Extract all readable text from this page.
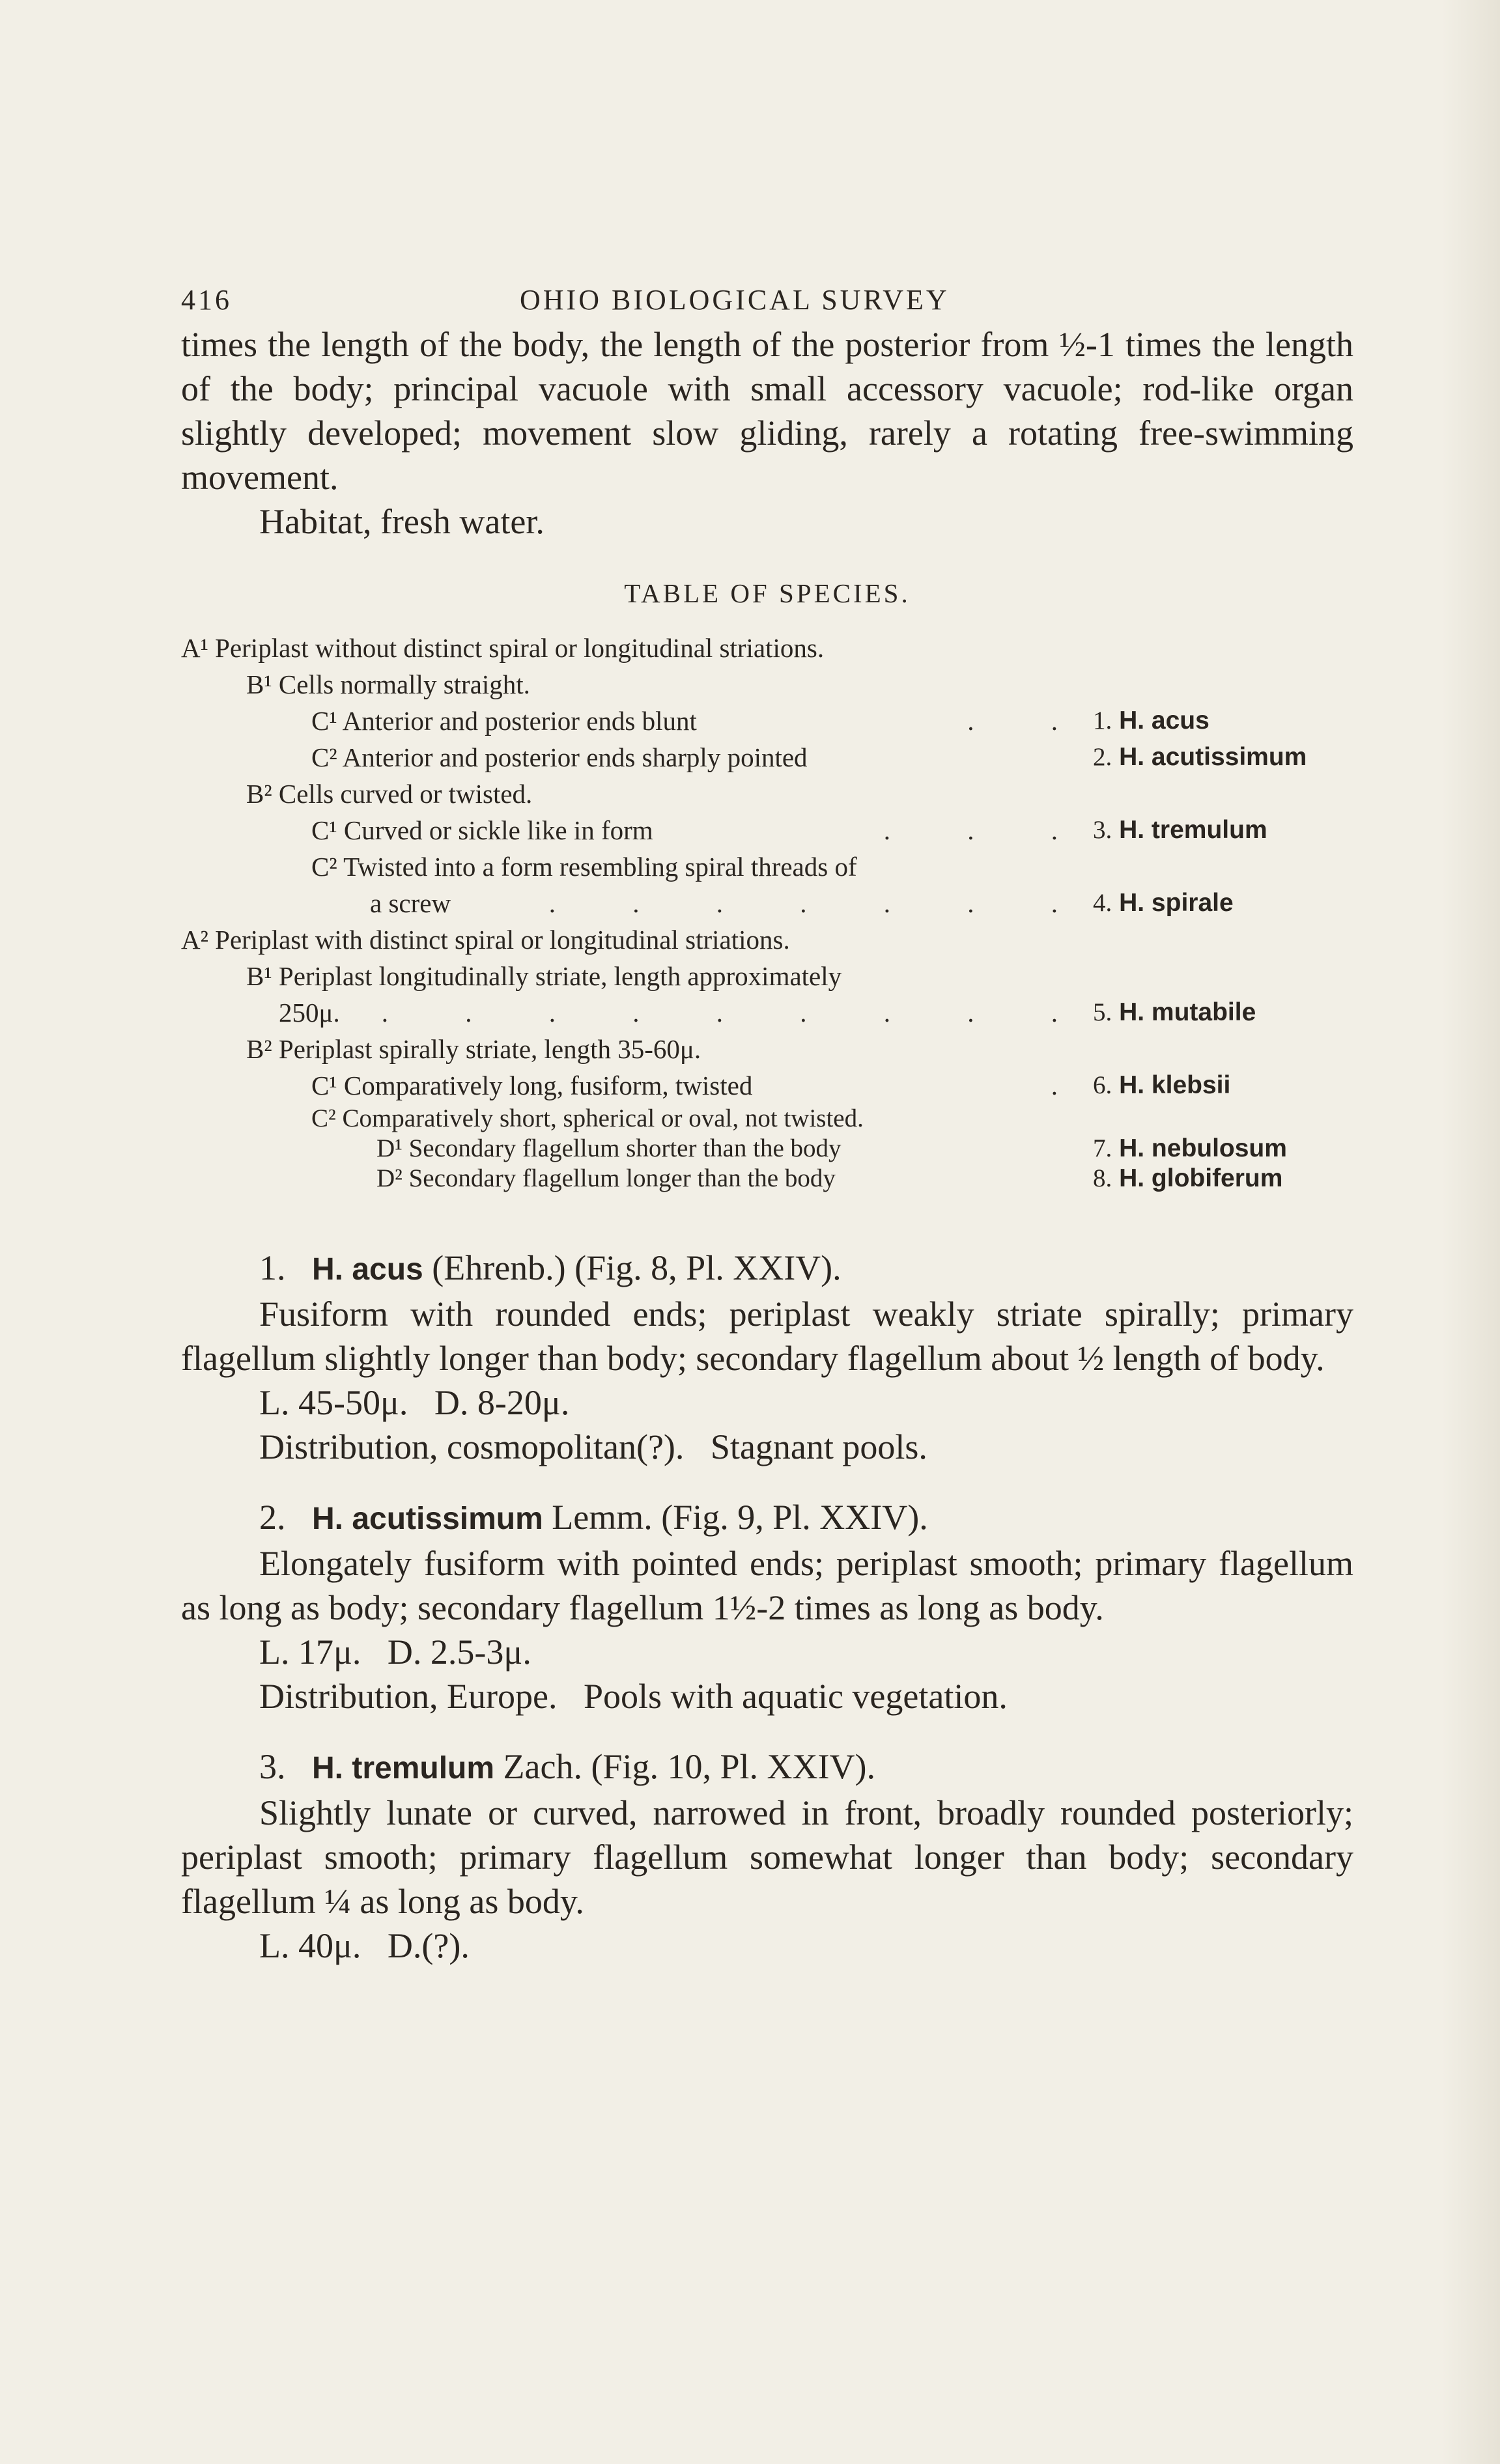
416	OHIO BIOLOGICAL SURVEY

times the length of the body, the length of the posterior from ½-1 times the length of the body; principal vacuole with small accessory vacuole; rod-like organ slightly developed; movement slow gliding, rarely a rotating free-swimming movement.

Habitat, fresh water.

TABLE OF SPECIES.
A¹ Periplast without distinct spiral or longitudinal striations.
B¹ Cells normally straight.
C¹ Anterior and posterior ends blunt	. . 1. H. acus
C² Anterior and posterior ends sharply pointed	2. H. acutissimum
B² Cells curved or twisted.
C¹ Curved or sickle like in form	. . . 3. H. tremulum
C² Twisted into a form resembling spiral threads of
a screw	. . . . . . . 4. H. spirale
A² Periplast with distinct spiral or longitudinal striations.
B¹ Periplast longitudinally striate, length approximately
250μ. . . . . . . . . . 5. H. mutabile
B² Periplast spirally striate, length 35-60μ.
C¹ Comparatively long, fusiform, twisted	. 6. H. klebsii
C² Comparatively short, spherical or oval, not twisted.
D¹ Secondary flagellum shorter than the body	7. H. nebulosum
D² Secondary flagellum longer than the body	8. H. globiferum

1. H. acus (Ehrenb.) (Fig. 8, Pl. XXIV).

Fusiform with rounded ends; periplast weakly striate spirally; primary flagellum slightly longer than body; secondary flagellum about ½ length of body.

L. 45-50μ.   D. 8-20μ.

Distribution, cosmopolitan(?).   Stagnant pools.

2. H. acutissimum Lemm. (Fig. 9, Pl. XXIV).

Elongately fusiform with pointed ends; periplast smooth; primary flagellum as long as body; secondary flagellum 1½-2 times as long as body.

L. 17μ.   D. 2.5-3μ.

Distribution, Europe.   Pools with aquatic vegetation.

3. H. tremulum Zach. (Fig. 10, Pl. XXIV).

Slightly lunate or curved, narrowed in front, broadly rounded posteriorly; periplast smooth; primary flagellum somewhat longer than body; secondary flagellum ¼ as long as body.

L. 40μ.   D.(?).
